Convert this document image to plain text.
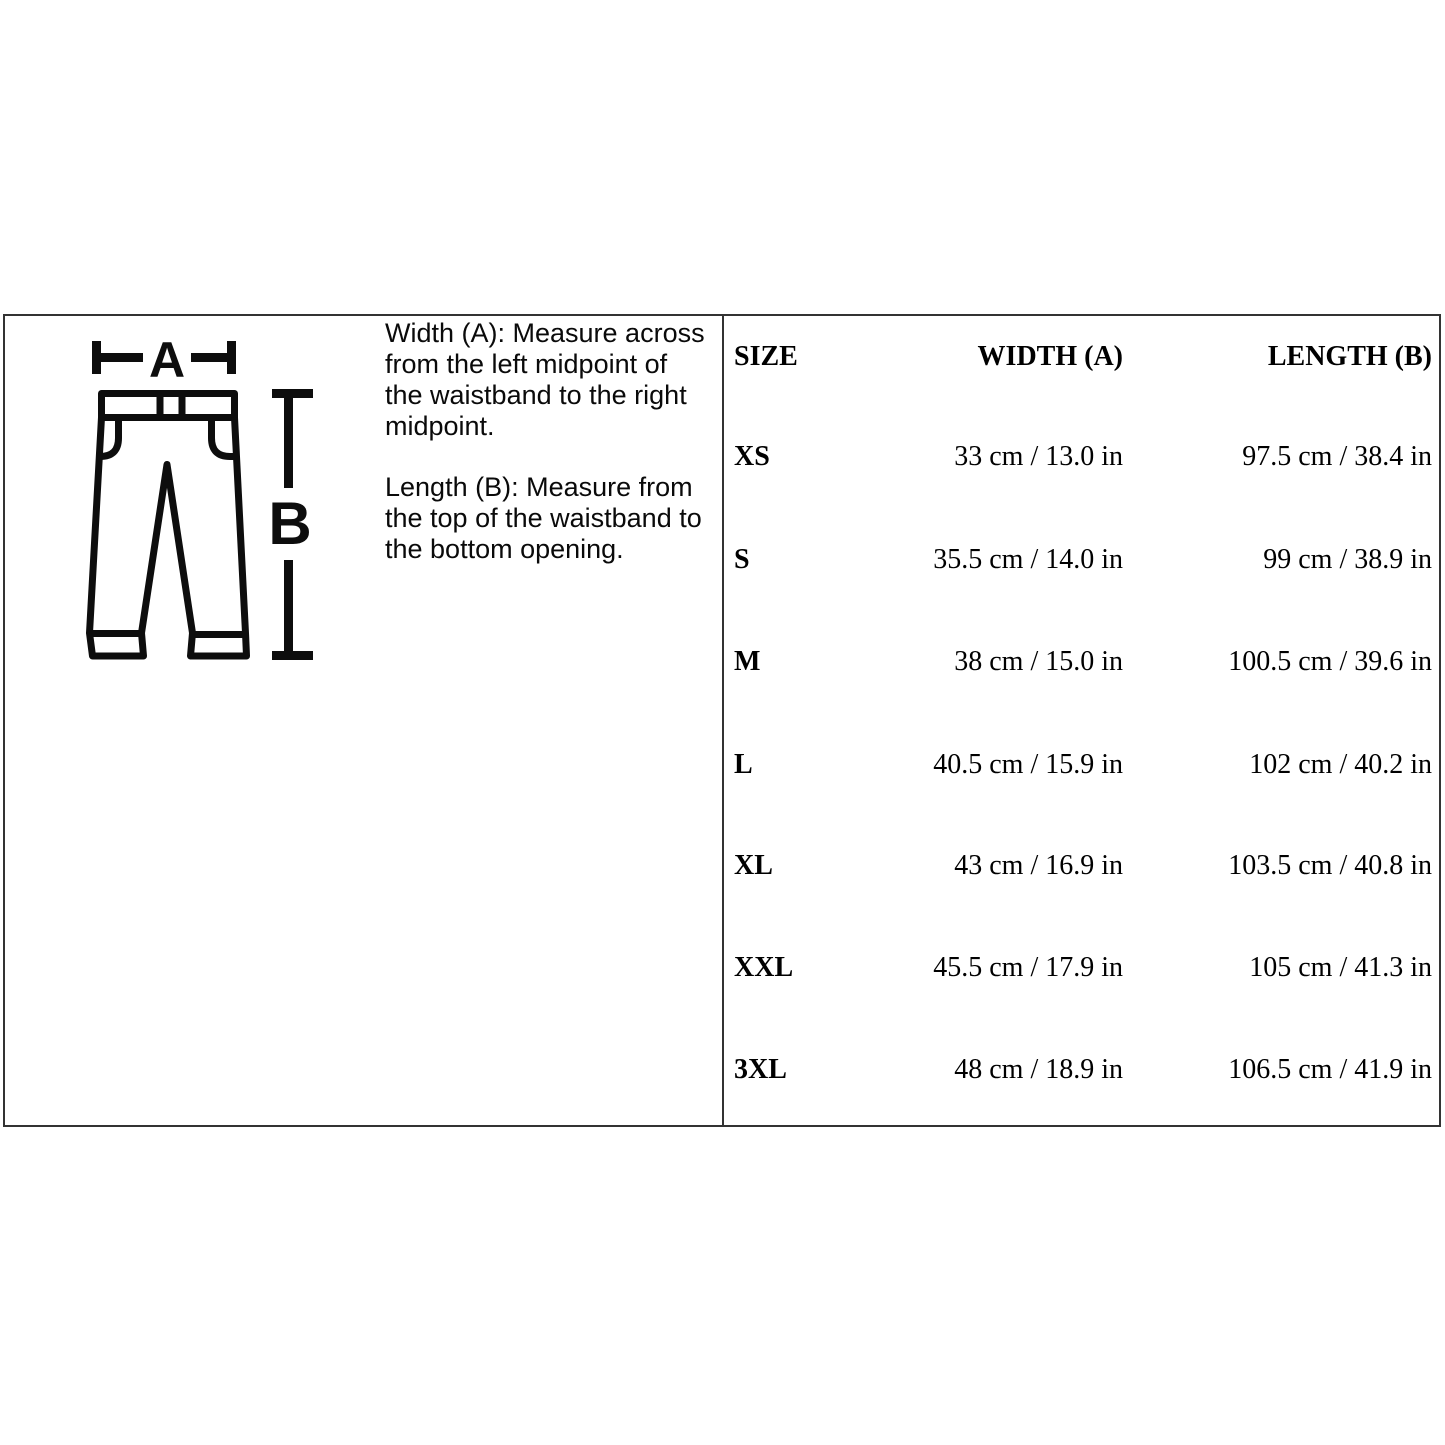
A
B
Width (A): Measure across
from the left midpoint of
the waistband to the right
midpoint.
Length (B): Measure from
the top of the waistband to
the bottom opening.
SIZE	WIDTH (A)	LENGTH (B)
XS	33 cm / 13.0 in	97.5 cm / 38.4 in
S	35.5 cm / 14.0 in	99 cm / 38.9 in
M	38 cm / 15.0 in	100.5 cm / 39.6 in
L	40.5 cm / 15.9 in	102 cm / 40.2 in
XL	43 cm / 16.9 in	103.5 cm / 40.8 in
XXL	45.5 cm / 17.9 in	105 cm / 41.3 in
3XL	48 cm / 18.9 in	106.5 cm / 41.9 in
